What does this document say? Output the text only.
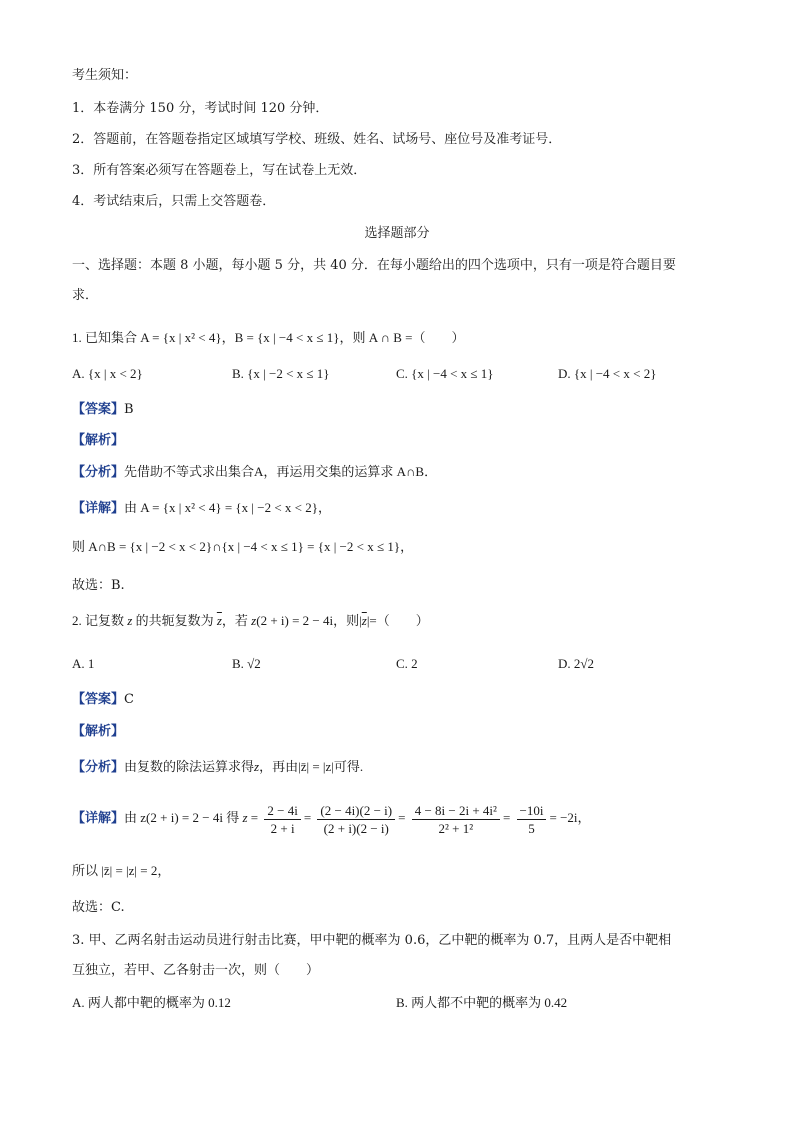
考生须知：
1．本卷满分 150 分，考试时间 120 分钟．
2．答题前，在答题卷指定区域填写学校、班级、姓名、试场号、座位号及准考证号．
3．所有答案必须写在答题卷上，写在试卷上无效．
4．考试结束后，只需上交答题卷．
选择题部分
一、选择题：本题 8 小题，每小题 5 分，共 40 分．在每小题给出的四个选项中，只有一项是符合题目要
求．
1. 已知集合 A = {x | x² < 4}，B = {x | −4 < x ≤ 1}，则 A ∩ B =（　　）
A. {x | x < 2}	B. {x | −2 < x ≤ 1}	C. {x | −4 < x ≤ 1}	D. {x | −4 < x < 2}
【答案】B
【解析】
【分析】先借助不等式求出集合A，再运用交集的运算求 A∩B．
【详解】由 A = {x | x² < 4} = {x | −2 < x < 2}，
则 A∩B = {x | −2 < x < 2}∩{x | −4 < x ≤ 1} = {x | −2 < x ≤ 1}，
故选：B.
2. 记复数 z 的共轭复数为 $\overline{z}$，若 z(2 + i) = 2 − 4i，则$|\overline{z}|=$（　　）
A. 1	B. √2	C. 2	D. 2√2
【答案】C
【解析】
【分析】由复数的除法运算求得z，再由|z̄| = |z|可得.
【详解】由 z(2 + i) = 2 − 4i 得 $z = \frac{2 - 4i}{2 + i} = \frac{(2 - 4i)(2 - i)}{(2 + i)(2 - i)} = \frac{\text{4 − 8i − 2i + 4i²}}{\text{2² + 1²}} = \frac{-10i}{5} = -2i$，
所以 |z̄| = |z| = 2，
故选：C.
3. 甲、乙两名射击运动员进行射击比赛，甲中靶的概率为 0.6，乙中靶的概率为 0.7，且两人是否中靶相
互独立，若甲、乙各射击一次，则（　　）
A. 两人都中靶的概率为 0.12	B. 两人都不中靶的概率为 0.42
